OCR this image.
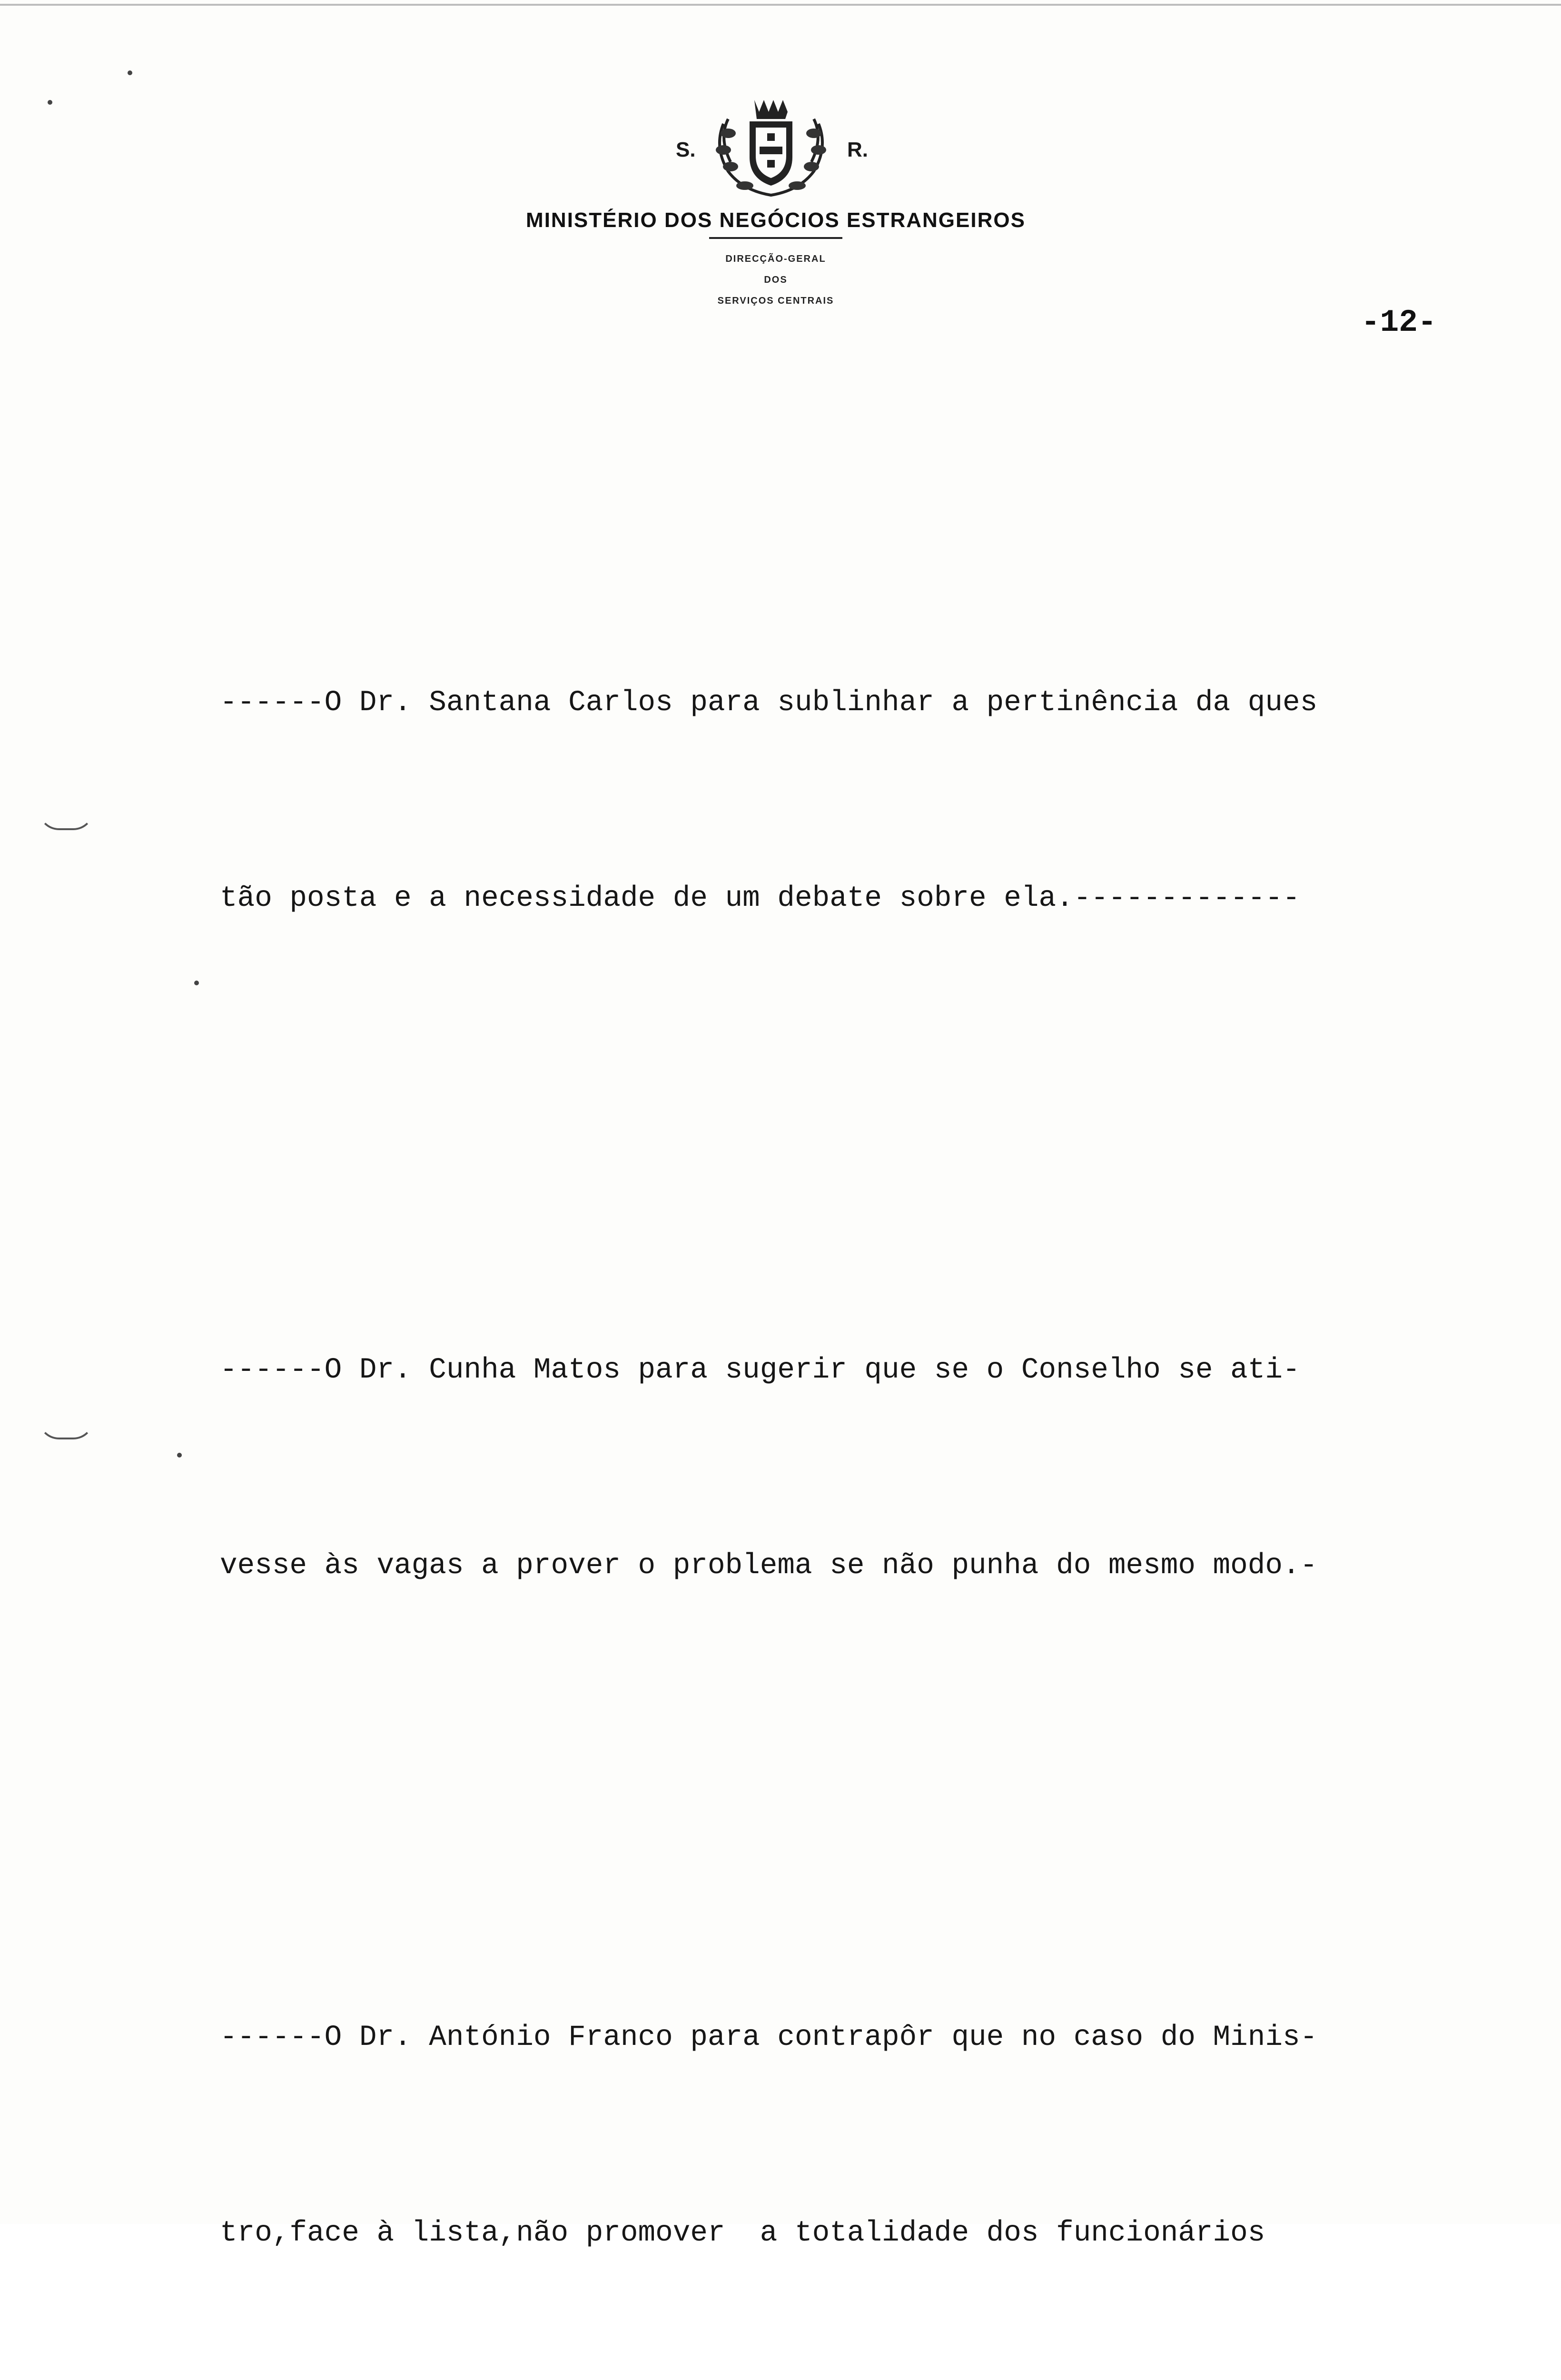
S.	R.
MINISTÉRIO DOS NEGÓCIOS ESTRANGEIROS
DIRECÇÃO-GERAL
DOS
SERVIÇOS CENTRAIS
-12-

------O Dr. Santana Carlos para sublinhar a pertinência da ques

tão posta e a necessidade de um debate sobre ela.-------------

------O Dr. Cunha Matos para sugerir que se o Conselho se ati-

vesse às vagas a prover o problema se não punha do mesmo modo.-

------O Dr. António Franco para contrapôr que no caso do Minis-

tro,face à lista,não promover  a totalidade dos funcionários
